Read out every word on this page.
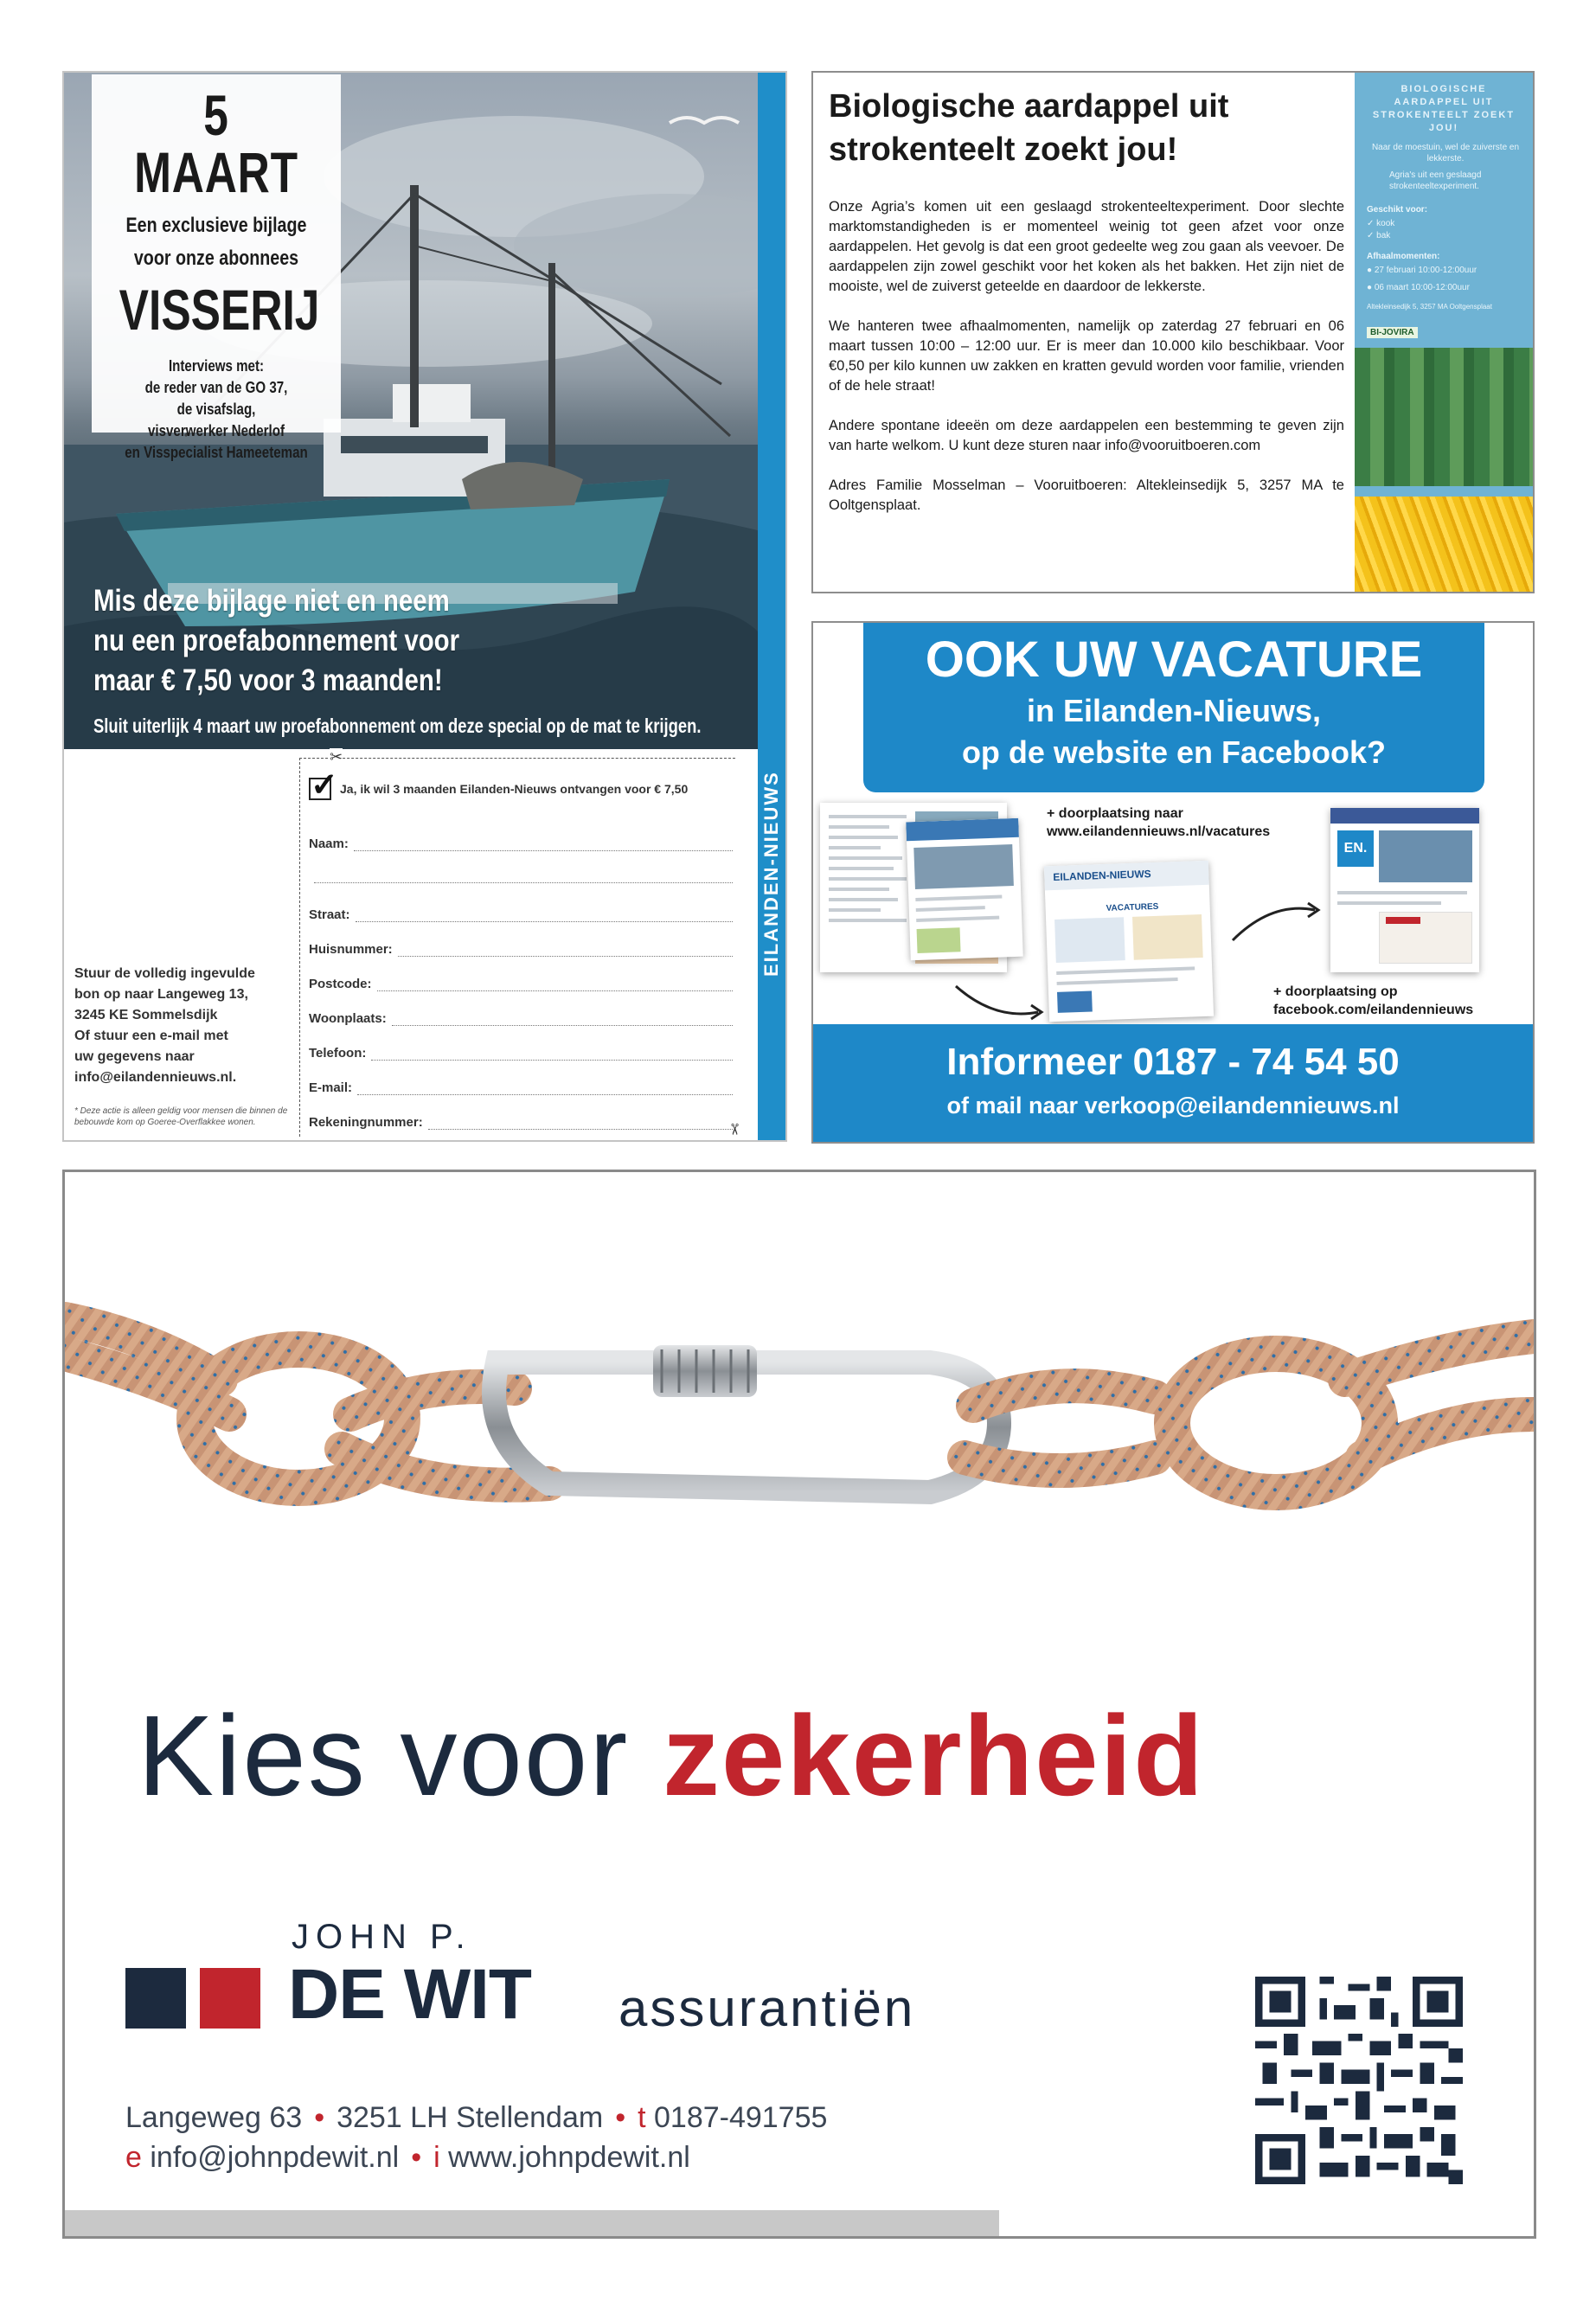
5 MAART
Een exclusieve bijlage
voor onze abonnees
VISSERIJ
Interviews met:
de reder van de GO 37,
de visafslag,
visverwerker Nederlof
en Visspecialist Hameeteman
Mis deze bijlage niet en neem
nu een proefabonnement voor
maar € 7,50 voor 3 maanden!
Sluit uiterlijk 4 maart uw proefabonnement om deze special op de mat te krijgen.
Stuur de volledig ingevulde
bon op naar Langeweg 13,
3245 KE Sommelsdijk
Of stuur een e-mail met
uw gegevens naar
info@eilandennieuws.nl.
* Deze actie is alleen geldig voor mensen die binnen de bebouwde kom op Goeree-Overflakkee wonen.
✂
✂
✓
Ja, ik wil 3 maanden Eilanden-Nieuws ontvangen voor € 7,50
Naam:
Straat:
Huisnummer:
Postcode:
Woonplaats:
Telefoon:
E-mail:
Rekeningnummer:
Biologische aardappel uit
strokenteelt zoekt jou!

Onze Agria’s komen uit een geslaagd strokenteeltexperiment. Door slechte marktomstandigheden is er momenteel weinig tot geen afzet voor onze aardappelen. Het gevolg is dat een groot gedeelte weg zou gaan als veevoer. De aardappelen zijn zowel geschikt voor het koken als het bakken. Het zijn niet de mooiste, wel de zuiverst geteelde en daardoor de lekkerste.

We hanteren twee afhaalmomenten, namelijk op zaterdag 27 februari en 06 maart tussen 10:00 – 12:00 uur. Er is meer dan 10.000 kilo beschikbaar. Voor €0,50 per kilo kunnen uw zakken en kratten gevuld worden voor familie, vrienden of de hele straat!

Andere spontane ideeën om deze aardappelen een bestemming te geven zijn van harte welkom. U kunt deze sturen naar info@vooruitboeren.com

Adres Familie Mosselman – Vooruitboeren: Altekleinsedijk 5, 3257 MA te Ooltgensplaat.

BIOLOGISCHE AARDAPPEL UIT STROKENTEELT ZOEKT JOU!
Naar de moestuin, wel de zuiverste en lekkerste.
Agria's uit een geslaagd strokenteeltexperiment.
Geschikt voor:
✓ kook
✓ bak
Afhaalmomenten:
● 27 februari 10:00-12:00uur
● 06 maart 10:00-12:00uur
Altekleinsedijk 5, 3257 MA Ooltgensplaat
BI-JOVIRA
OOK UW VACATURE
in Eilanden-Nieuws,
op de website en Facebook?
+ doorplaatsing naar
www.eilandennieuws.nl/vacatures
EILANDEN-NIEUWS
VACATURES
EN.
+ doorplaatsing op
facebook.com/eilandennieuws
Informeer 0187 - 74 54 50
of mail naar verkoop@eilandennieuws.nl
Kies voor zekerheid
JOHN P.
DE WIT assurantiën
Langeweg 63 • 3251 LH Stellendam • t 0187-491755
e info@johnpdewit.nl • i www.johnpdewit.nl
